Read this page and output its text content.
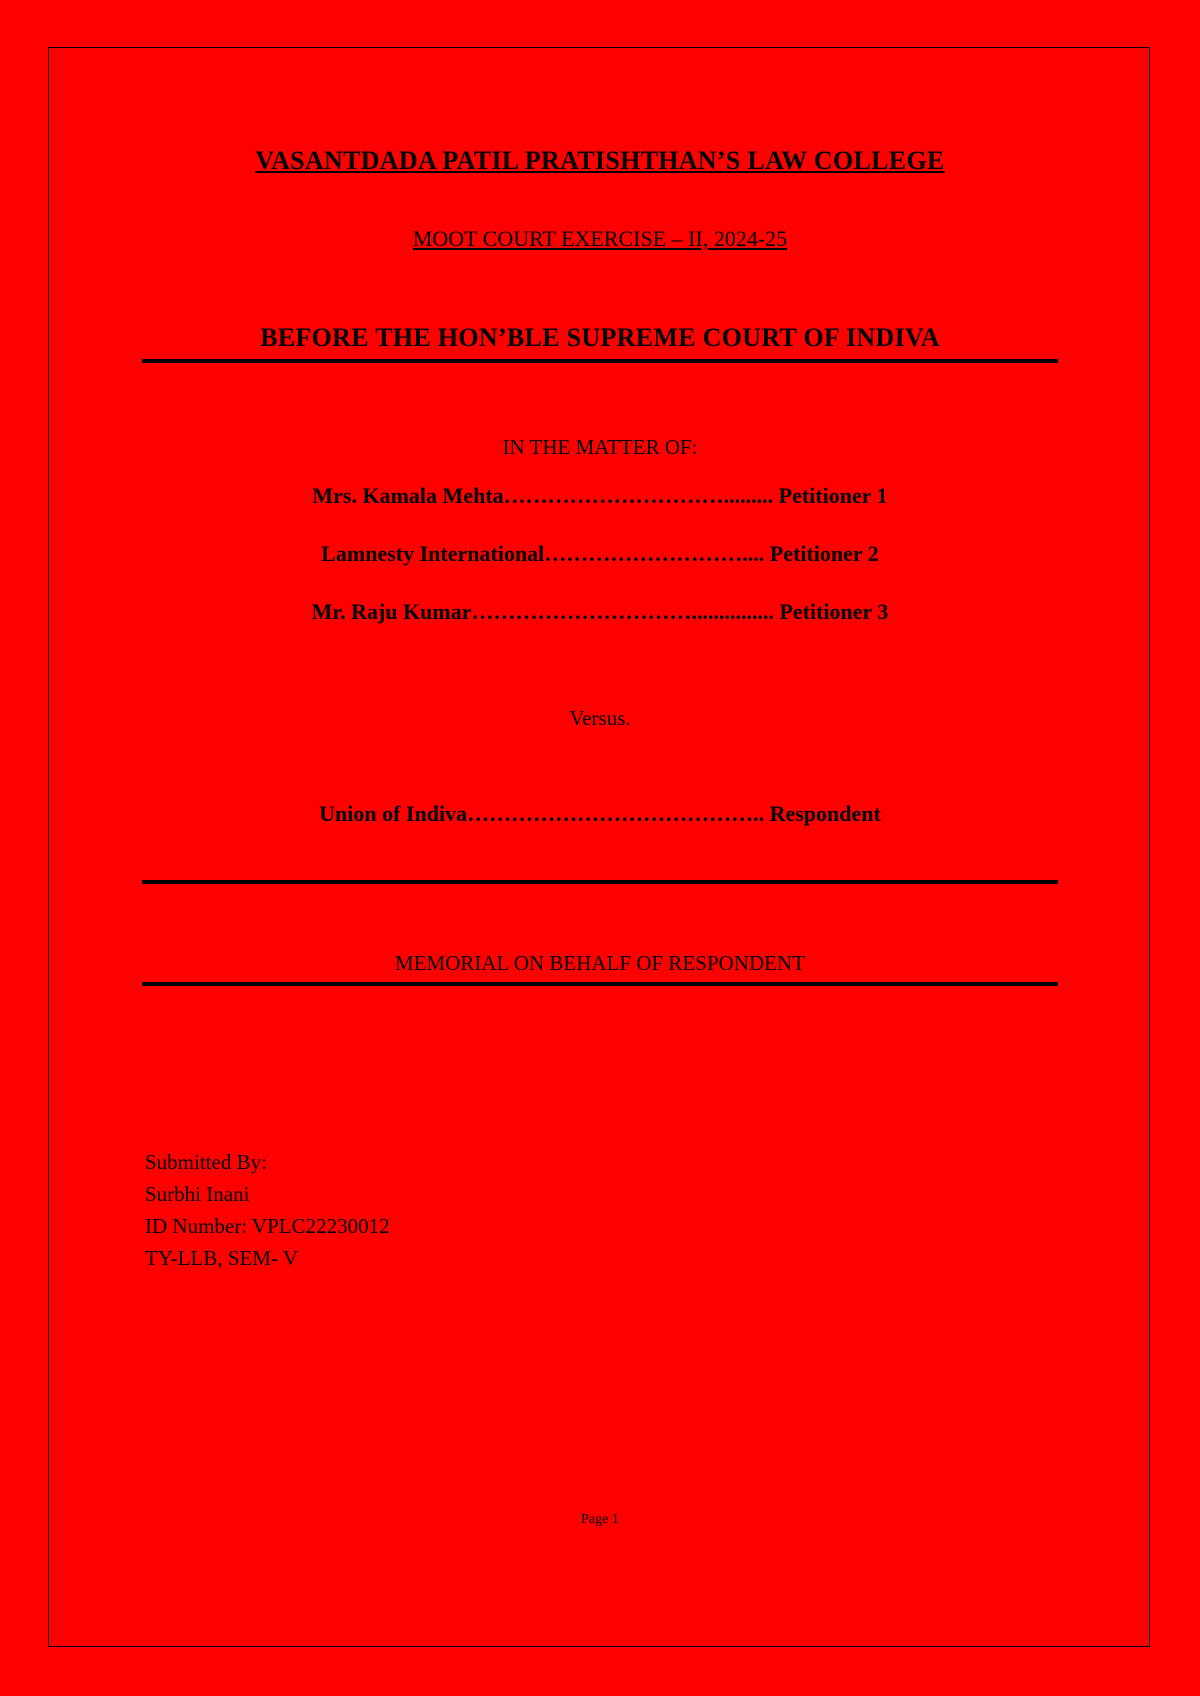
VASANTDADA PATIL PRATISHTHAN’S LAW COLLEGE
MOOT COURT EXERCISE – II, 2024-25
BEFORE THE HON’BLE SUPREME COURT OF INDIVA
IN THE MATTER OF:
Mrs. Kamala Mehta…………………………......... Petitioner 1
Lamnesty International……………………….... Petitioner 2
Mr. Raju Kumar…………………………............... Petitioner 3
Versus.
Union of Indiva………………………………….. Respondent
MEMORIAL ON BEHALF OF RESPONDENT
Submitted By:
Surbhi Inani
ID Number: VPLC22230012
TY-LLB, SEM- V
Page 1
